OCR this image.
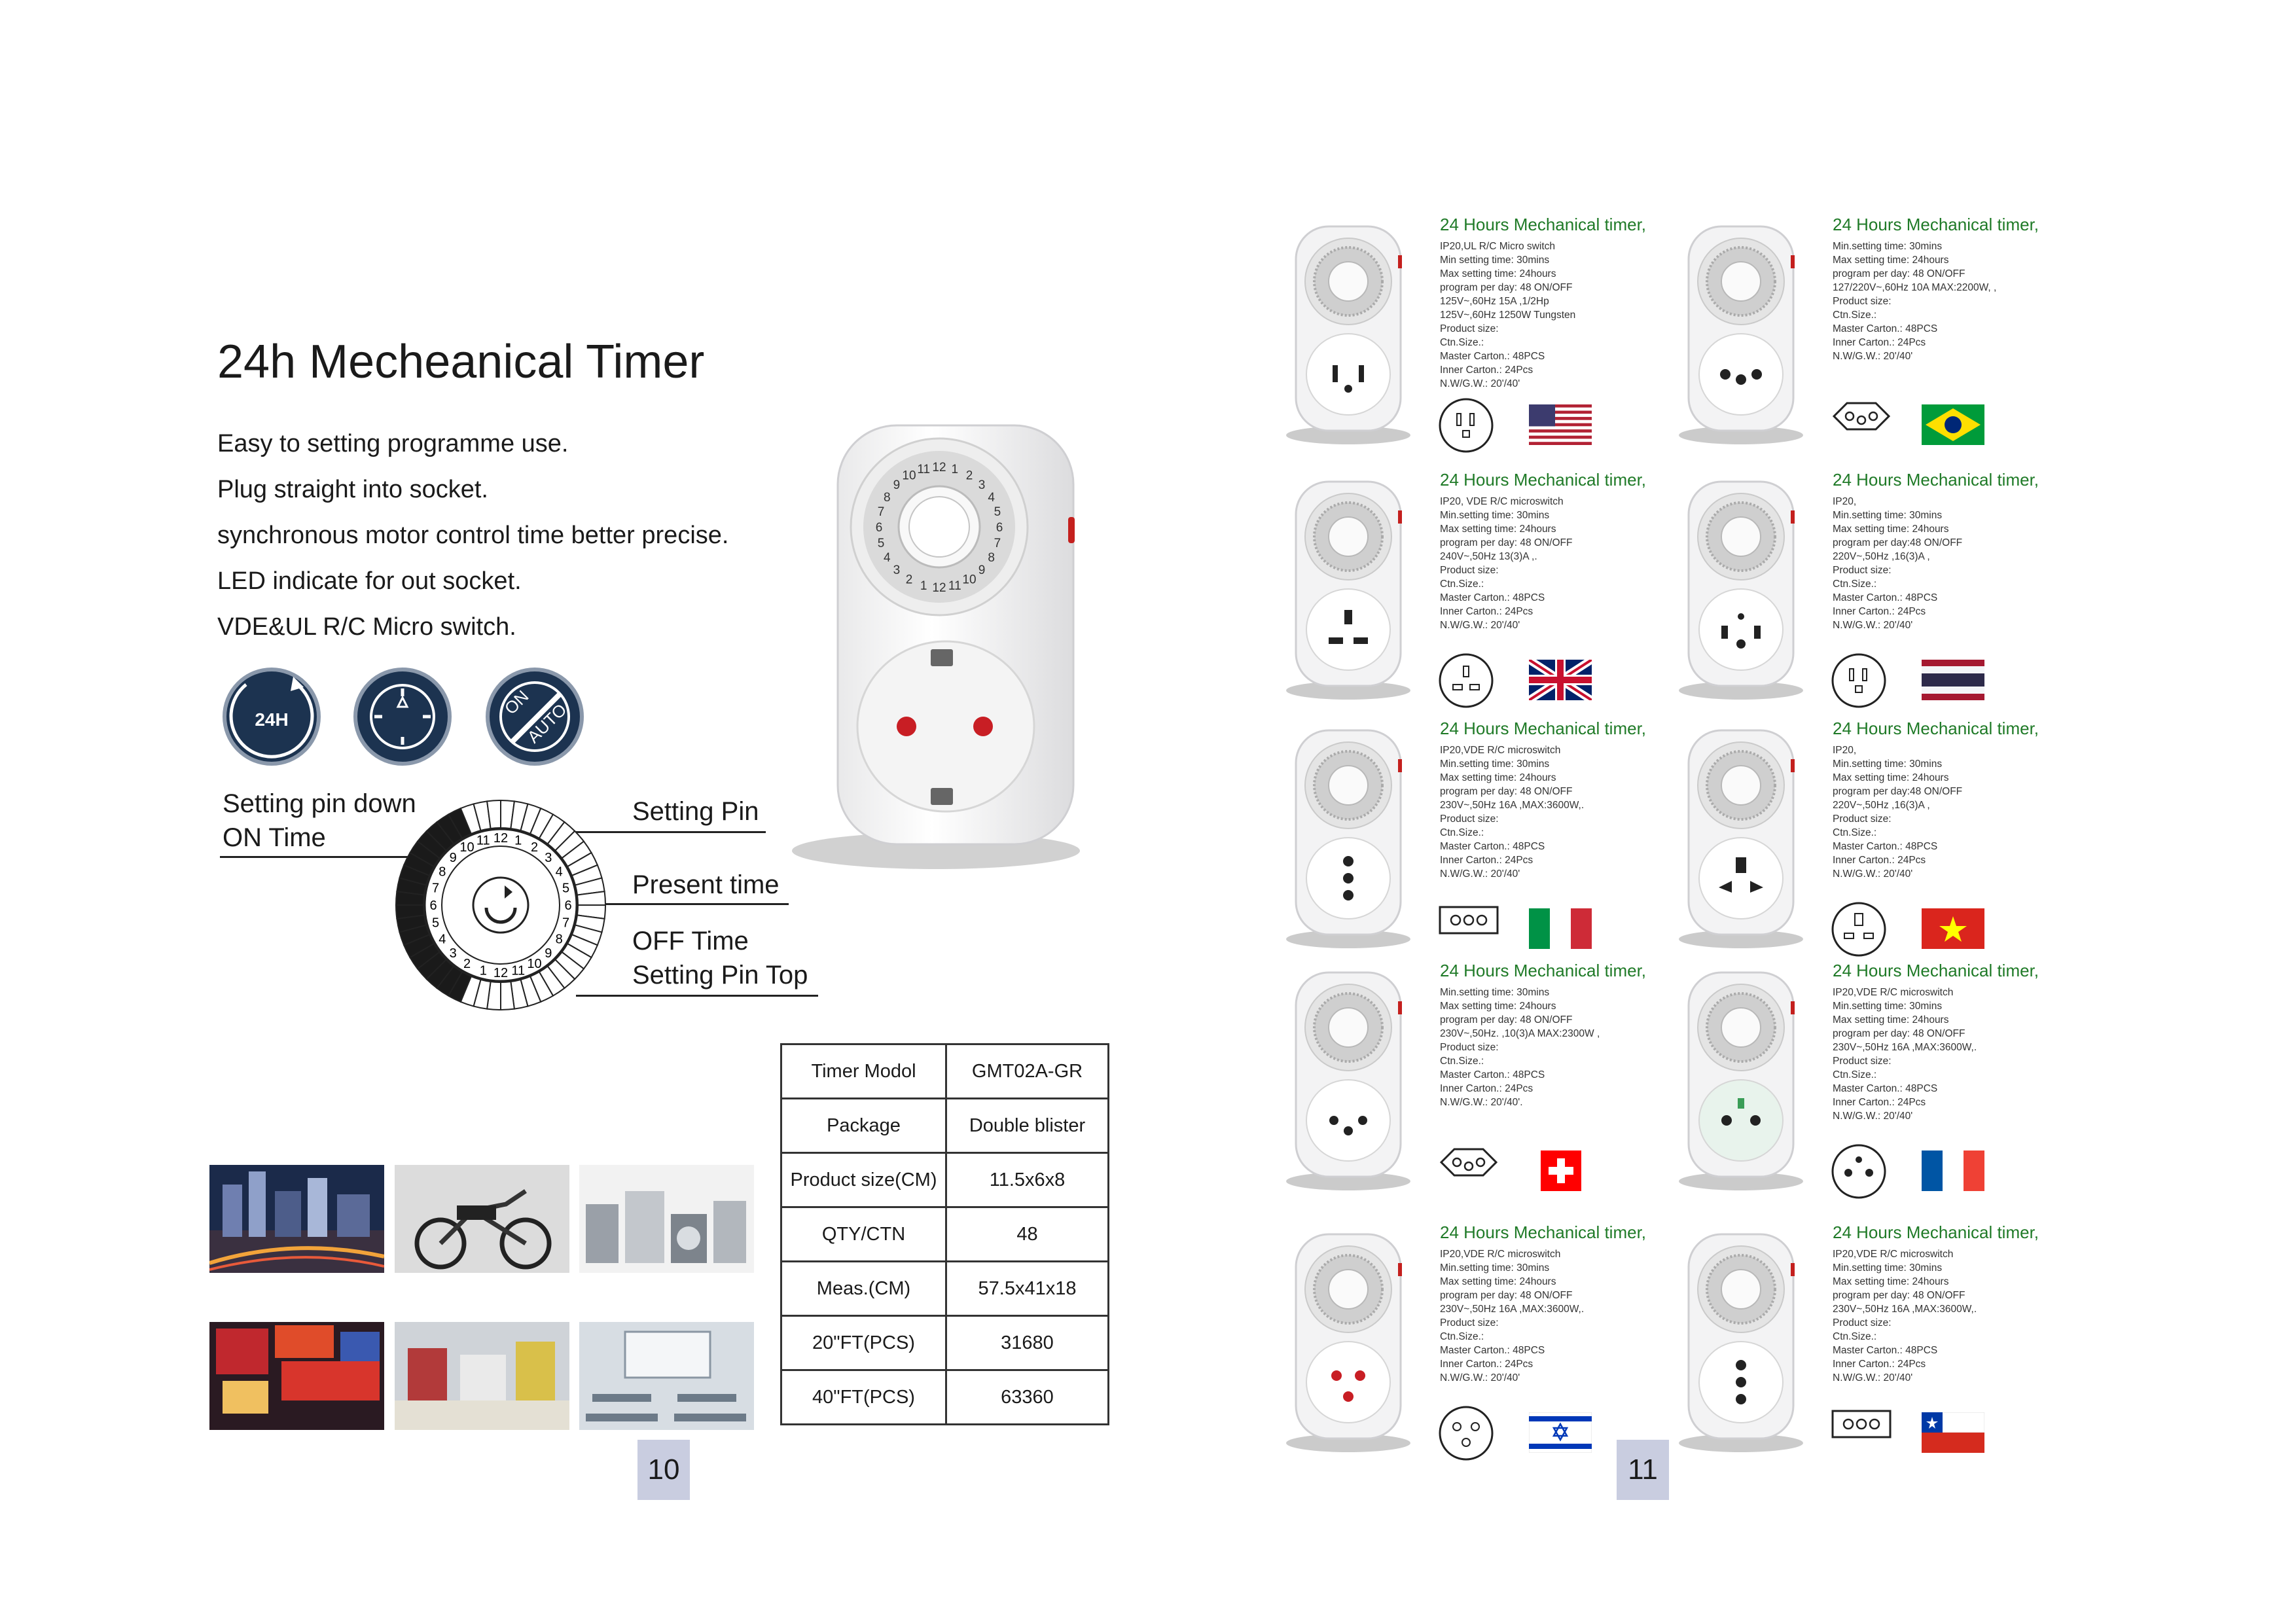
24h Mecheanical Timer
Easy to setting programme use.
Plug straight into socket.
synchronous motor control time better precise.
LED indicate for out socket.
VDE&UL R/C Micro switch.
24H
ON
AUTO
Setting pin down
ON Time
Setting Pin
Present time
OFF Time
Setting Pin Top
12 1 2
3
4
5
6
7
8
9
10
11
12
1
2
3
4
5
6
7
8
9
10 11
12 1 2
3
4
5
6
7
8
9
10
11
12
1
2
3
4
5
6
7
8
9
10 11
Timer Modol	GMT02A-GR
Package	Double blister
Product size(CM)	11.5x6x8
QTY/CTN	48
Meas.(CM)	57.5x41x18
20"FT(PCS)	31680
40"FT(PCS)	63360
10
24 Hours Mechanical timer,
IP20,UL R/C Micro switch
Min setting time: 30mins
Max setting time: 24hours
program per day: 48 ON/OFF
125V~,60Hz 15A ,1/2Hp
125V~,60Hz 1250W Tungsten
Product size:
Ctn.Size.:
Master Carton.: 48PCS
Inner Carton.: 24Pcs
N.W/G.W.: 20'/40'
24 Hours Mechanical timer,
Min.setting time: 30mins
Max setting time: 24hours
program per day: 48 ON/OFF
127/220V~,60Hz 10A MAX:2200W, ,
Product size:
Ctn.Size.:
Master Carton.: 48PCS
Inner Carton.: 24Pcs
N.W/G.W.: 20'/40'
24 Hours Mechanical timer,
IP20, VDE R/C microswitch
Min.setting time: 30mins
Max setting time: 24hours
program per day: 48 ON/OFF
240V~,50Hz 13(3)A ,.
Product size:
Ctn.Size.:
Master Carton.: 48PCS
Inner Carton.: 24Pcs
N.W/G.W.: 20'/40'
24 Hours Mechanical timer,
IP20,
Min.setting time: 30mins
Max setting time: 24hours
program per day:48 ON/OFF
220V~,50Hz ,16(3)A ,
Product size:
Ctn.Size.:
Master Carton.: 48PCS
Inner Carton.: 24Pcs
N.W/G.W.: 20'/40'
24 Hours Mechanical timer,
IP20,VDE R/C microswitch
Min.setting time: 30mins
Max setting time: 24hours
program per day: 48 ON/OFF
230V~,50Hz 16A ,MAX:3600W,.
Product size:
Ctn.Size.:
Master Carton.: 48PCS
Inner Carton.: 24Pcs
N.W/G.W.: 20'/40'
24 Hours Mechanical timer,
IP20,
Min.setting time: 30mins
Max setting time: 24hours
program per day:48 ON/OFF
220V~,50Hz ,16(3)A ,
Product size:
Ctn.Size.:
Master Carton.: 48PCS
Inner Carton.: 24Pcs
N.W/G.W.: 20'/40'
24 Hours Mechanical timer,
Min.setting time: 30mins
Max setting time: 24hours
program per day: 48 ON/OFF
230V~,50Hz. ,10(3)A MAX:2300W ,
Product size:
Ctn.Size.:
Master Carton.: 48PCS
Inner Carton.: 24Pcs
N.W/G.W.: 20'/40'.
24 Hours Mechanical timer,
IP20,VDE R/C microswitch
Min.setting time: 30mins
Max setting time: 24hours
program per day: 48 ON/OFF
230V~,50Hz 16A ,MAX:3600W,.
Product size:
Ctn.Size.:
Master Carton.: 48PCS
Inner Carton.: 24Pcs
N.W/G.W.: 20'/40'
24 Hours Mechanical timer,
IP20,VDE R/C microswitch
Min.setting time: 30mins
Max setting time: 24hours
program per day: 48 ON/OFF
230V~,50Hz 16A ,MAX:3600W,.
Product size:
Ctn.Size.:
Master Carton.: 48PCS
Inner Carton.: 24Pcs
N.W/G.W.: 20'/40'
24 Hours Mechanical timer,
IP20,VDE R/C microswitch
Min.setting time: 30mins
Max setting time: 24hours
program per day: 48 ON/OFF
230V~,50Hz 16A ,MAX:3600W,.
Product size:
Ctn.Size.:
Master Carton.: 48PCS
Inner Carton.: 24Pcs
N.W/G.W.: 20'/40'
11
